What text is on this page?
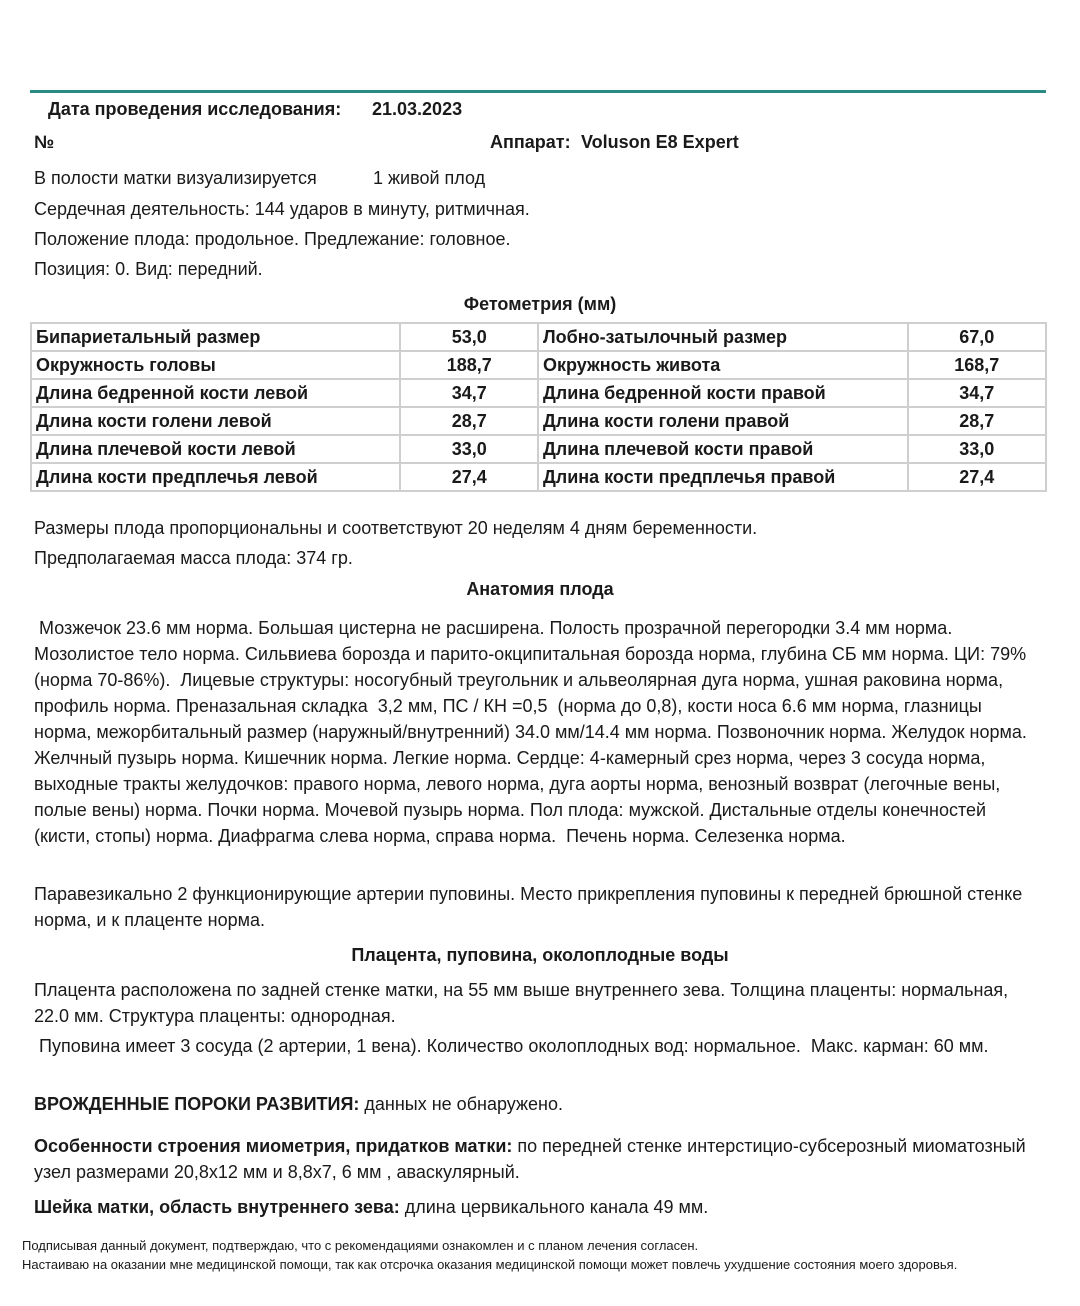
Дата проведения исследования: 21.03.2023
№	Аппарат: Voluson E8 Expert
В полости матки визуализируется	1 живой плод
Сердечная деятельность: 144 ударов в минуту, ритмичная.
Положение плода: продольное. Предлежание: головное.
Позиция: 0. Вид: передний.
Фетометрия (мм)
Бипариетальный размер	53,0	Лобно-затылочный размер	67,0
Окружность головы	188,7	Окружность живота	168,7
Длина бедренной кости левой	34,7	Длина бедренной кости правой	34,7
Длина кости голени левой	28,7	Длина кости голени правой	28,7
Длина плечевой кости левой	33,0	Длина плечевой кости правой	33,0
Длина кости предплечья левой	27,4	Длина кости предплечья правой	27,4
Размеры плода пропорциональны и соответствуют 20 неделям 4 дням беременности.
Предполагаемая масса плода: 374 гр.
Анатомия плода

Мозжечок 23.6 мм норма. Большая цистерна не расширена. Полость прозрачной перегородки 3.4 мм норма. Мозолистое тело норма. Сильвиева борозда и парито-окципитальная борозда норма, глубина СБ мм норма. ЦИ: 79% (норма 70-86%).  Лицевые структуры: носогубный треугольник и альвеолярная дуга норма, ушная раковина норма, профиль норма. Преназальная складка  3,2 мм, ПС / КН =0,5  (норма до 0,8), кости носа 6.6 мм норма, глазницы норма, межорбитальный размер (наружный/внутренний) 34.0 мм/14.4 мм норма. Позвоночник норма. Желудок норма. Желчный пузырь норма. Кишечник норма. Легкие норма. Сердце: 4-камерный срез норма, через 3 сосуда норма, выходные тракты желудочков: правого норма, левого норма, дуга аорты норма, венозный возврат (легочные вены, полые вены) норма. Почки норма. Мочевой пузырь норма. Пол плода: мужской. Дистальные отделы конечностей (кисти, стопы) норма. Диафрагма слева норма, справа норма.  Печень норма. Селезенка норма.

Паравезикально 2 функционирующие артерии пуповины. Место прикрепления пуповины к передней брюшной стенке норма, и к плаценте норма.

Плацента, пуповина, околоплодные воды

Плацента расположена по задней стенке матки, на 55 мм выше внутреннего зева. Толщина плаценты: нормальная, 22.0 мм. Структура плаценты: однородная.

Пуповина имеет 3 сосуда (2 артерии, 1 вена). Количество околоплодных вод: нормальное.  Макс. карман: 60 мм.

ВРОЖДЕННЫЕ ПОРОКИ РАЗВИТИЯ: данных не обнаружено.

Особенности строения миометрия, придатков матки: по передней стенке интерстицио-субсерозный миоматозный узел размерами 20,8х12 мм и 8,8х7, 6 мм , аваскулярный.

Шейка матки, область внутреннего зева: длина цервикального канала 49 мм.

Подписывая данный документ, подтверждаю, что с рекомендациями ознакомлен и с планом лечения согласен.
Настаиваю на оказании мне медицинской помощи, так как отсрочка оказания медицинской помощи может повлечь ухудшение состояния моего здоровья.
